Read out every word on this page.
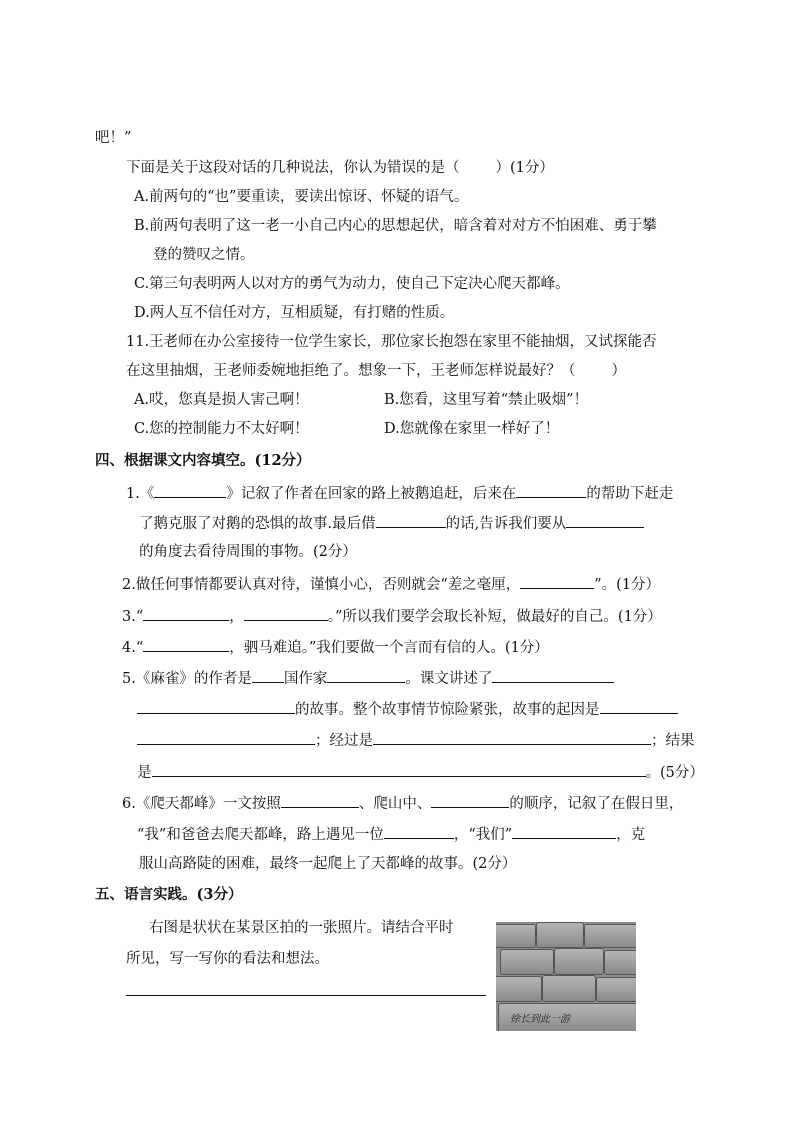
吧！”
下面是关于这段对话的几种说法，你认为错误的是（ ）(1分）
A.前两句的“也”要重读，要读出惊讶、怀疑的语气。
B.前两句表明了这一老一小自己内心的思想起伏，暗含着对对方不怕困难、勇于攀
登的赞叹之情。
C.第三句表明两人以对方的勇气为动力，使自己下定决心爬天都峰。
D.两人互不信任对方，互相质疑，有打赌的性质。
11.王老师在办公室接待一位学生家长，那位家长抱怨在家里不能抽烟，又试探能否
在这里抽烟，王老师委婉地拒绝了。想象一下，王老师怎样说最好？（ ）
A.哎，您真是损人害己啊！	B.您看，这里写着“禁止吸烟”！
C.您的控制能力不太好啊！	D.您就像在家里一样好了！
四、根据课文内容填空。(12分）
1.《	》记叙了作者在回家的路上被鹅追赶，后来在	的帮助下赶走
了鹅克服了对鹅的恐惧的故事.最后借	的话,告诉我们要从
的角度去看待周围的事物。(2分）
2.做任何事情都要认真对待，谨慎小心，否则就会“差之毫厘，	”。(1分）
3.“	，	。”所以我们要学会取长补短，做最好的自己。(1分）
4.“	，驷马难追。”我们要做一个言而有信的人。(1分）
5.《麻雀》的作者是 国作家	。课文讲述了
的故事。整个故事情节惊险紧张，故事的起因是
；经过是	；结果
是	。(5分）
6.《爬天都峰》一文按照	、爬山中、	的顺序，记叙了在假日里，
“我”和爸爸去爬天都峰，路上遇见一位	，“我们”	，克
服山高路陡的困难，最终一起爬上了天都峰的故事。(2分）
五、语言实践。(3分）
右图是状状在某景区拍的一张照片。请结合平时
所见，写一写你的看法和想法。
徐长到此一游
